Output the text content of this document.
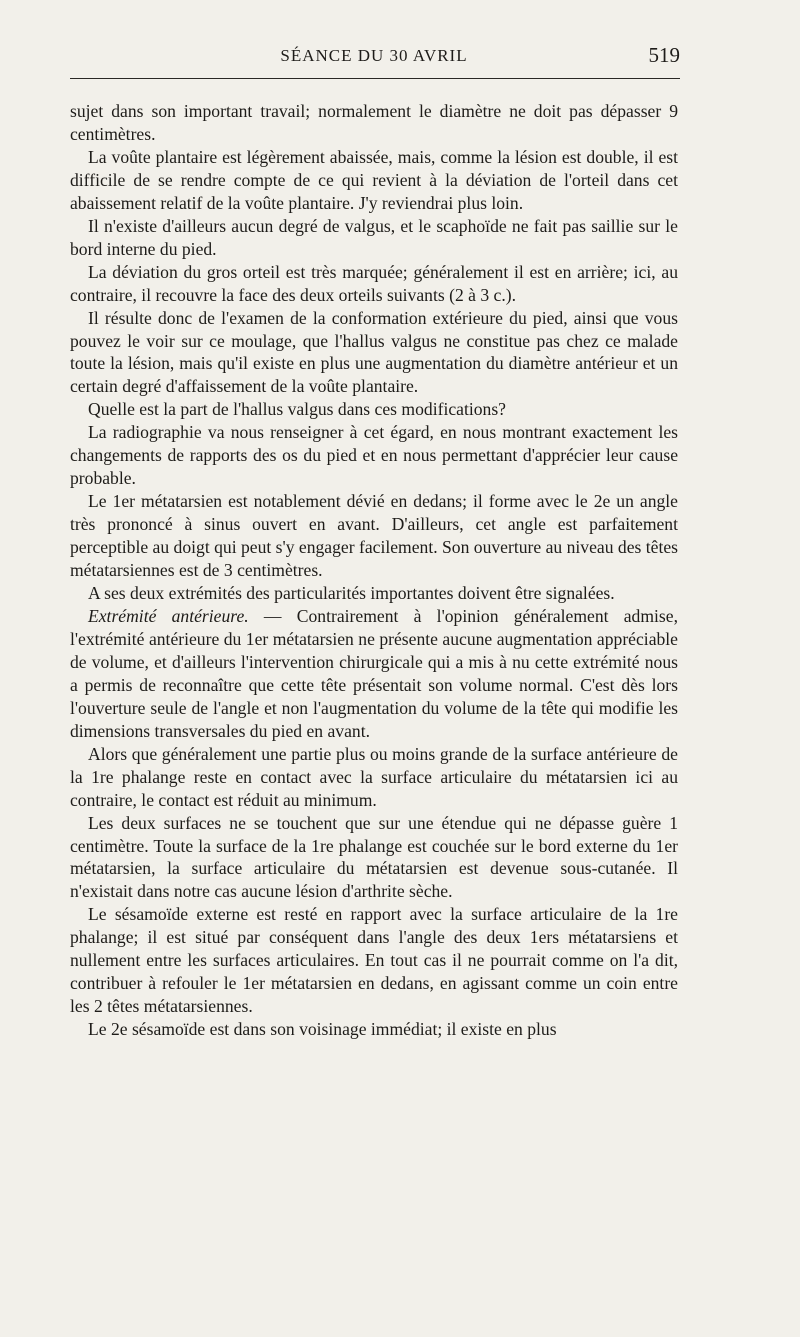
SÉANCE DU 30 AVRIL	519

sujet dans son important travail; normalement le diamètre ne doit pas dépasser 9 centimètres.

La voûte plantaire est légèrement abaissée, mais, comme la lésion est double, il est difficile de se rendre compte de ce qui revient à la déviation de l'orteil dans cet abaissement relatif de la voûte plantaire. J'y reviendrai plus loin.

Il n'existe d'ailleurs aucun degré de valgus, et le scaphoïde ne fait pas saillie sur le bord interne du pied.

La déviation du gros orteil est très marquée; généralement il est en arrière; ici, au contraire, il recouvre la face des deux orteils suivants (2 à 3 c.).

Il résulte donc de l'examen de la conformation extérieure du pied, ainsi que vous pouvez le voir sur ce moulage, que l'hallus valgus ne constitue pas chez ce malade toute la lésion, mais qu'il existe en plus une augmentation du diamètre antérieur et un certain degré d'affaissement de la voûte plantaire.

Quelle est la part de l'hallus valgus dans ces modifications?

La radiographie va nous renseigner à cet égard, en nous montrant exactement les changements de rapports des os du pied et en nous permettant d'apprécier leur cause probable.

Le 1er métatarsien est notablement dévié en dedans; il forme avec le 2e un angle très prononcé à sinus ouvert en avant. D'ailleurs, cet angle est parfaitement perceptible au doigt qui peut s'y engager facilement. Son ouverture au niveau des têtes métatarsiennes est de 3 centimètres.

A ses deux extrémités des particularités importantes doivent être signalées.

Extrémité antérieure. — Contrairement à l'opinion généralement admise, l'extrémité antérieure du 1er métatarsien ne présente aucune augmentation appréciable de volume, et d'ailleurs l'intervention chirurgicale qui a mis à nu cette extrémité nous a permis de reconnaître que cette tête présentait son volume normal. C'est dès lors l'ouverture seule de l'angle et non l'augmentation du volume de la tête qui modifie les dimensions transversales du pied en avant.

Alors que généralement une partie plus ou moins grande de la surface antérieure de la 1re phalange reste en contact avec la surface articulaire du métatarsien ici au contraire, le contact est réduit au minimum.

Les deux surfaces ne se touchent que sur une étendue qui ne dépasse guère 1 centimètre. Toute la surface de la 1re phalange est couchée sur le bord externe du 1er métatarsien, la surface articulaire du métatarsien est devenue sous-cutanée. Il n'existait dans notre cas aucune lésion d'arthrite sèche.

Le sésamoïde externe est resté en rapport avec la surface articulaire de la 1re phalange; il est situé par conséquent dans l'angle des deux 1ers métatarsiens et nullement entre les surfaces articulaires. En tout cas il ne pourrait comme on l'a dit, contribuer à refouler le 1er métatarsien en dedans, en agissant comme un coin entre les 2 têtes métatarsiennes.

Le 2e sésamoïde est dans son voisinage immédiat; il existe en plus
